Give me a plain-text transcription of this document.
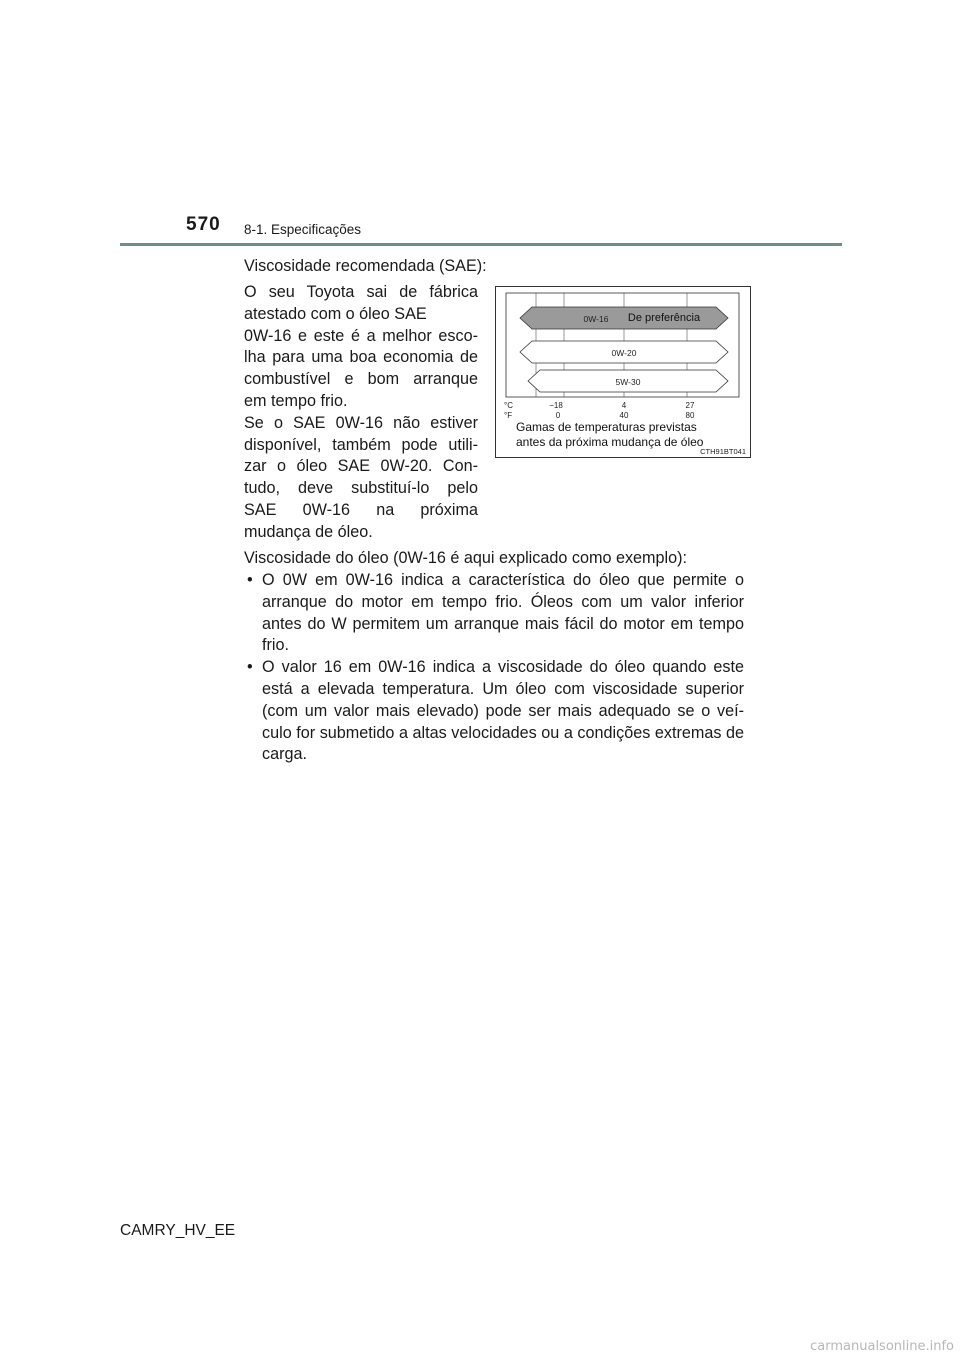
570 8-1. Especificações
Viscosidade recomendada (SAE):
O seu Toyota sai de fábrica
atestado com o óleo SAE
0W-16 e este é a melhor esco-
lha para uma boa economia de
combustível e bom arranque
em tempo frio.
Se o SAE 0W-16 não estiver
disponível, também pode utili-
zar o óleo SAE 0W-20. Con-
tudo, deve substituí-lo pelo
SAE 0W-16 na próxima
mudança de óleo.
0W-16 De preferência
0W-20
5W-30
°C	−18	4	27
°F	0	40	80
Gamas de temperaturas previstas
antes da próxima mudança de óleo
CTH91BT041
Viscosidade do óleo (0W-16 é aqui explicado como exemplo):
• O 0W em 0W-16 indica a característica do óleo que permite o arranque do motor em tempo frio. Óleos com um valor inferior antes do W permitem um arranque mais fácil do motor em tempo frio.
• O valor 16 em 0W-16 indica a viscosidade do óleo quando este está a elevada temperatura. Um óleo com viscosidade superior (com um valor mais elevado) pode ser mais adequado se o veí-culo for submetido a altas velocidades ou a condições extremas de carga.
CAMRY_HV_EE
carmanualsonline.info
